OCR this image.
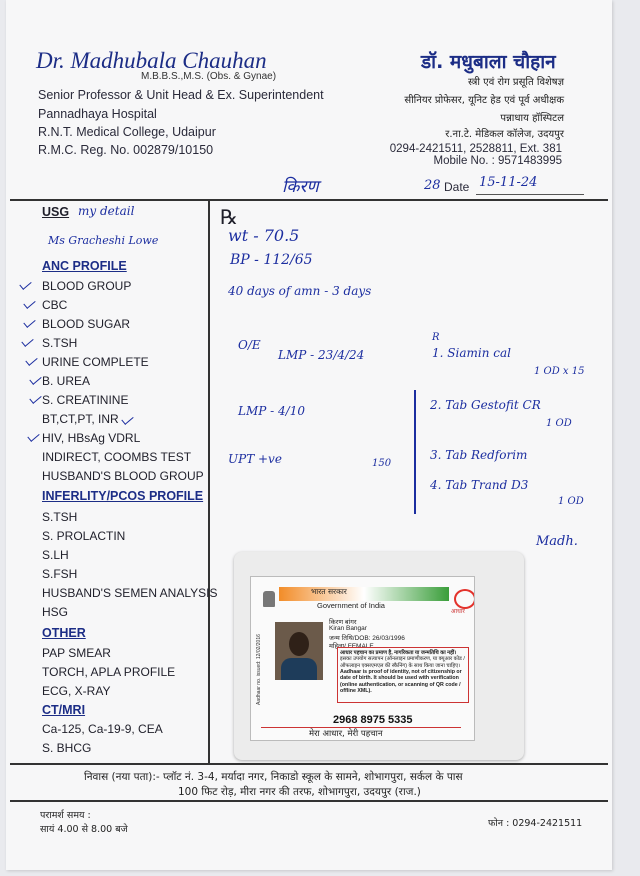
Dr. Madhubala Chauhan
M.B.B.S.,M.S. (Obs. & Gynae)
Senior Professor & Unit Head & Ex. Superintendent
Pannadhaya Hospital
R.N.T. Medical College, Udaipur
R.M.C. Reg. No. 002879/10150
डॉ. मधुबाला चौहान
स्त्री एवं रोग प्रसूति विशेषज्ञ
सीनियर प्रोफेसर, यूनिट हेड एवं पूर्व अधीक्षक
पन्नाधाय हॉस्पिटल
र.ना.टे. मेडिकल कॉलेज, उदयपुर
0294-2421511, 2528811, Ext. 381
Mobile No. : 9571483995
किरण	28 Date 15-11-24
USG my detail
Ms Gracheshi Lowe
ANC PROFILE
BLOOD GROUP
CBC
BLOOD SUGAR
S.TSH
URINE COMPLETE
B. UREA
S. CREATININE
BT,CT,PT, INR
HIV, HBsAg VDRL
INDIRECT, COOMBS TEST
HUSBAND'S BLOOD GROUP
INFERLITY/PCOS PROFILE
S.TSH
S. PROLACTIN
S.LH
S.FSH
HUSBAND'S SEMEN ANALYSIS
HSG
OTHER
PAP SMEAR
TORCH, APLA PROFILE
ECG, X-RAY
CT/MRI
Ca-125, Ca-19-9, CEA
S. BHCG
℞
wt - 70.5
BP - 112/65
40 days of amn - 3 days
O/E
LMP - 23/4/24
LMP - 4/10
UPT +ve	150
R
1. Siamin cal
1 OD x 15
2. Tab Gestofit CR
1 OD
3. Tab Redforim
4. Tab Trand D3
1 OD
Madh.
भारत सरकार
Government of India
आधार
Aadhaar no. issued: 12/02/2016
किरण बांगर
Kiran Bangar
जन्म तिथि/DOB: 26/03/1996
महिला/ FEMALE
आधार पहचान का प्रमाण है, नागरिकता या जन्मतिथि का नहीं।
इसका उपयोग सत्यापन (ऑनलाइन प्रमाणीकरण, या क्यूआर कोड / ऑफलाइन एक्सएमएल की स्कैनिंग) के साथ किया जाना चाहिए।
Aadhaar is proof of identity, not of citizenship or date of birth. It should be used with verification (online authentication, or scanning of QR code / offline XML).
2968 8975 5335
मेरा आधार, मेरी पहचान
निवास (नया पता):- प्लॉट नं. 3-4, मर्यादा नगर, निकाडो स्कूल के सामने, शोभागपुरा, सर्कल के पास
100 फिट रोड़, मीरा नगर की तरफ, शोभागपुरा, उदयपुर (राज.)
परामर्श समय :
सायं 4.00 से 8.00 बजे
फोन : 0294-2421511
